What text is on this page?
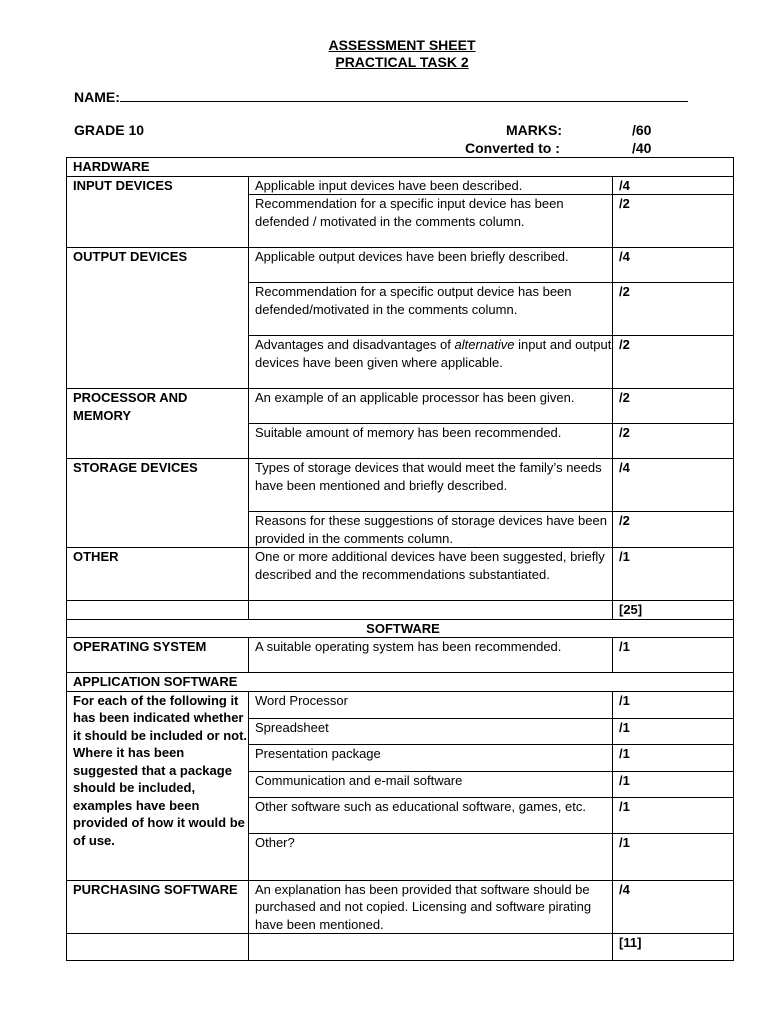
ASSESSMENT SHEET
PRACTICAL TASK 2
NAME:
GRADE 10	MARKS:	/60
Converted to :	/40
HARDWARE		
INPUT DEVICES	Applicable input devices have been described.	/4
	Recommendation for a specific input device has been defended / motivated in the comments column.	/2
OUTPUT DEVICES	Applicable output devices have been briefly described.	/4
	Recommendation for a specific output device has been defended/motivated in the comments column.	/2
	Advantages and disadvantages of alternative input and output devices have been given where applicable.	/2
PROCESSOR AND MEMORY	An example of an applicable processor has been given.	/2
	Suitable amount of memory has been recommended.	/2
STORAGE DEVICES	Types of storage devices that would meet the family’s needs have been mentioned and briefly described.	/4
	Reasons for these suggestions of storage devices have been provided in the comments column.	/2
OTHER	One or more additional devices have been suggested, briefly described and the recommendations substantiated.	/1
		[25]
SOFTWARE		
OPERATING SYSTEM	A suitable operating system has been recommended.	/1
APPLICATION SOFTWARE		
For each of the following it has been indicated whether it should be included or not. Where it has been suggested that a package should be included, examples have been provided of how it would be of use.	Word Processor	/1
	Spreadsheet	/1
	Presentation package	/1
	Communication and e-mail software	/1
	Other software such as educational software, games, etc.	/1
	Other?	/1
PURCHASING SOFTWARE	An explanation has been provided that software should be purchased and not copied. Licensing and software pirating have been mentioned.	/4
		[11]
